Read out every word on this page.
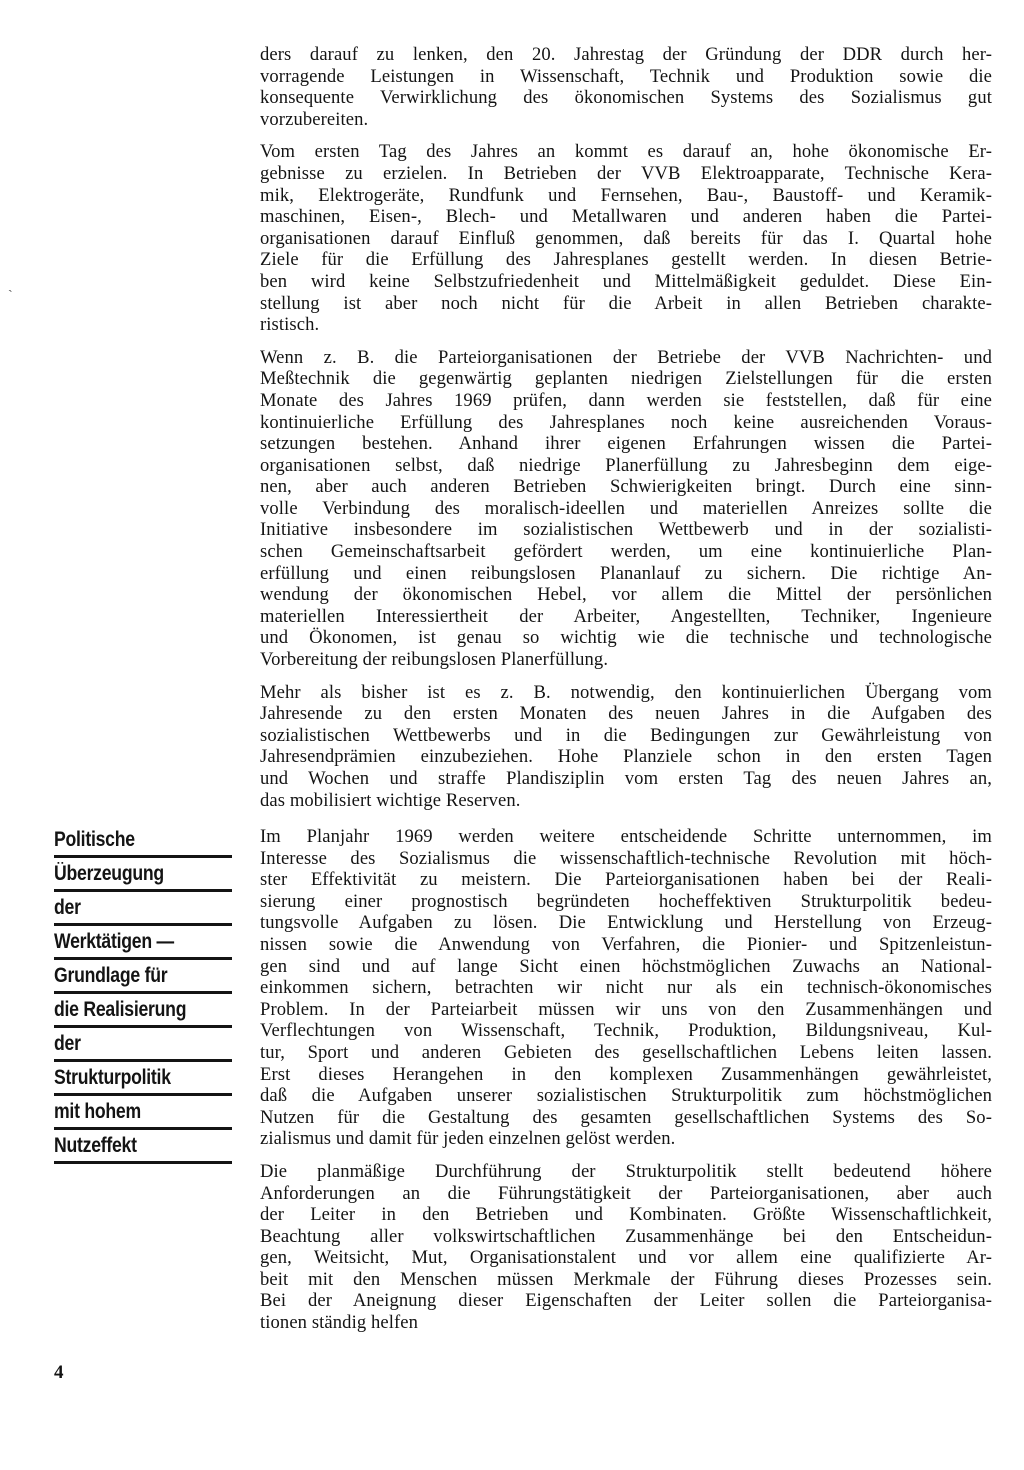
ˏ
ders darauf zu lenken, den 20. Jahrestag der Gründung der DDR durch her-
vorragende Leistungen in Wissenschaft, Technik und Produktion sowie die
konsequente Verwirklichung des ökonomischen Systems des Sozialismus gut
vorzubereiten.
Vom ersten Tag des Jahres an kommt es darauf an, hohe ökonomische Er-
gebnisse zu erzielen. In Betrieben der VVB Elektroapparate, Technische Kera-
mik, Elektrogeräte, Rundfunk und Fernsehen, Bau-, Baustoff- und Keramik-
maschinen, Eisen-, Blech- und Metallwaren und anderen haben die Partei-
organisationen darauf Einfluß genommen, daß bereits für das I. Quartal hohe
Ziele für die Erfüllung des Jahresplanes gestellt werden. In diesen Betrie-
ben wird keine Selbstzufriedenheit und Mittelmäßigkeit geduldet. Diese Ein-
stellung ist aber noch nicht für die Arbeit in allen Betrieben charakte-
ristisch.
Wenn z. B. die Parteiorganisationen der Betriebe der VVB Nachrichten- und
Meßtechnik die gegenwärtig geplanten niedrigen Zielstellungen für die ersten
Monate des Jahres 1969 prüfen, dann werden sie feststellen, daß für eine
kontinuierliche Erfüllung des Jahresplanes noch keine ausreichenden Voraus-
setzungen bestehen. Anhand ihrer eigenen Erfahrungen wissen die Partei-
organisationen selbst, daß niedrige Planerfüllung zu Jahresbeginn dem eige-
nen, aber auch anderen Betrieben Schwierigkeiten bringt. Durch eine sinn-
volle Verbindung des moralisch-ideellen und materiellen Anreizes sollte die
Initiative insbesondere im sozialistischen Wettbewerb und in der sozialisti-
schen Gemeinschaftsarbeit gefördert werden, um eine kontinuierliche Plan-
erfüllung und einen reibungslosen Plananlauf zu sichern. Die richtige An-
wendung der ökonomischen Hebel, vor allem die Mittel der persönlichen
materiellen Interessiertheit der Arbeiter, Angestellten, Techniker, Ingenieure
und Ökonomen, ist genau so wichtig wie die technische und technologische
Vorbereitung der reibungslosen Planerfüllung.
Mehr als bisher ist es z. B. notwendig, den kontinuierlichen Übergang vom
Jahresende zu den ersten Monaten des neuen Jahres in die Aufgaben des
sozialistischen Wettbewerbs und in die Bedingungen zur Gewährleistung von
Jahresendprämien einzubeziehen. Hohe Planziele schon in den ersten Tagen
und Wochen und straffe Plandisziplin vom ersten Tag des neuen Jahres an,
das mobilisiert wichtige Reserven.
Politische
Überzeugung
der
Werktätigen —
Grundlage für
die Realisierung
der
Strukturpolitik
mit hohem
Nutzeffekt
Im Planjahr 1969 werden weitere entscheidende Schritte unternommen, im
Interesse des Sozialismus die wissenschaftlich-technische Revolution mit höch-
ster Effektivität zu meistern. Die Parteiorganisationen haben bei der Reali-
sierung einer prognostisch begründeten hocheffektiven Strukturpolitik bedeu-
tungsvolle Aufgaben zu lösen. Die Entwicklung und Herstellung von Erzeug-
nissen sowie die Anwendung von Verfahren, die Pionier- und Spitzenleistun-
gen sind und auf lange Sicht einen höchstmöglichen Zuwachs an National-
einkommen sichern, betrachten wir nicht nur als ein technisch-ökonomisches
Problem. In der Parteiarbeit müssen wir uns von den Zusammenhängen und
Verflechtungen von Wissenschaft, Technik, Produktion, Bildungsniveau, Kul-
tur, Sport und anderen Gebieten des gesellschaftlichen Lebens leiten lassen.
Erst dieses Herangehen in den komplexen Zusammenhängen gewährleistet,
daß die Aufgaben unserer sozialistischen Strukturpolitik zum höchstmöglichen
Nutzen für die Gestaltung des gesamten gesellschaftlichen Systems des So-
zialismus und damit für jeden einzelnen gelöst werden.
Die planmäßige Durchführung der Strukturpolitik stellt bedeutend höhere
Anforderungen an die Führungstätigkeit der Parteiorganisationen, aber auch
der Leiter in den Betrieben und Kombinaten. Größte Wissenschaftlichkeit,
Beachtung aller volkswirtschaftlichen Zusammenhänge bei den Entscheidun-
gen, Weitsicht, Mut, Organisationstalent und vor allem eine qualifizierte Ar-
beit mit den Menschen müssen Merkmale der Führung dieses Prozesses sein.
Bei der Aneignung dieser Eigenschaften der Leiter sollen die Parteiorganisa-
tionen ständig helfen
4
